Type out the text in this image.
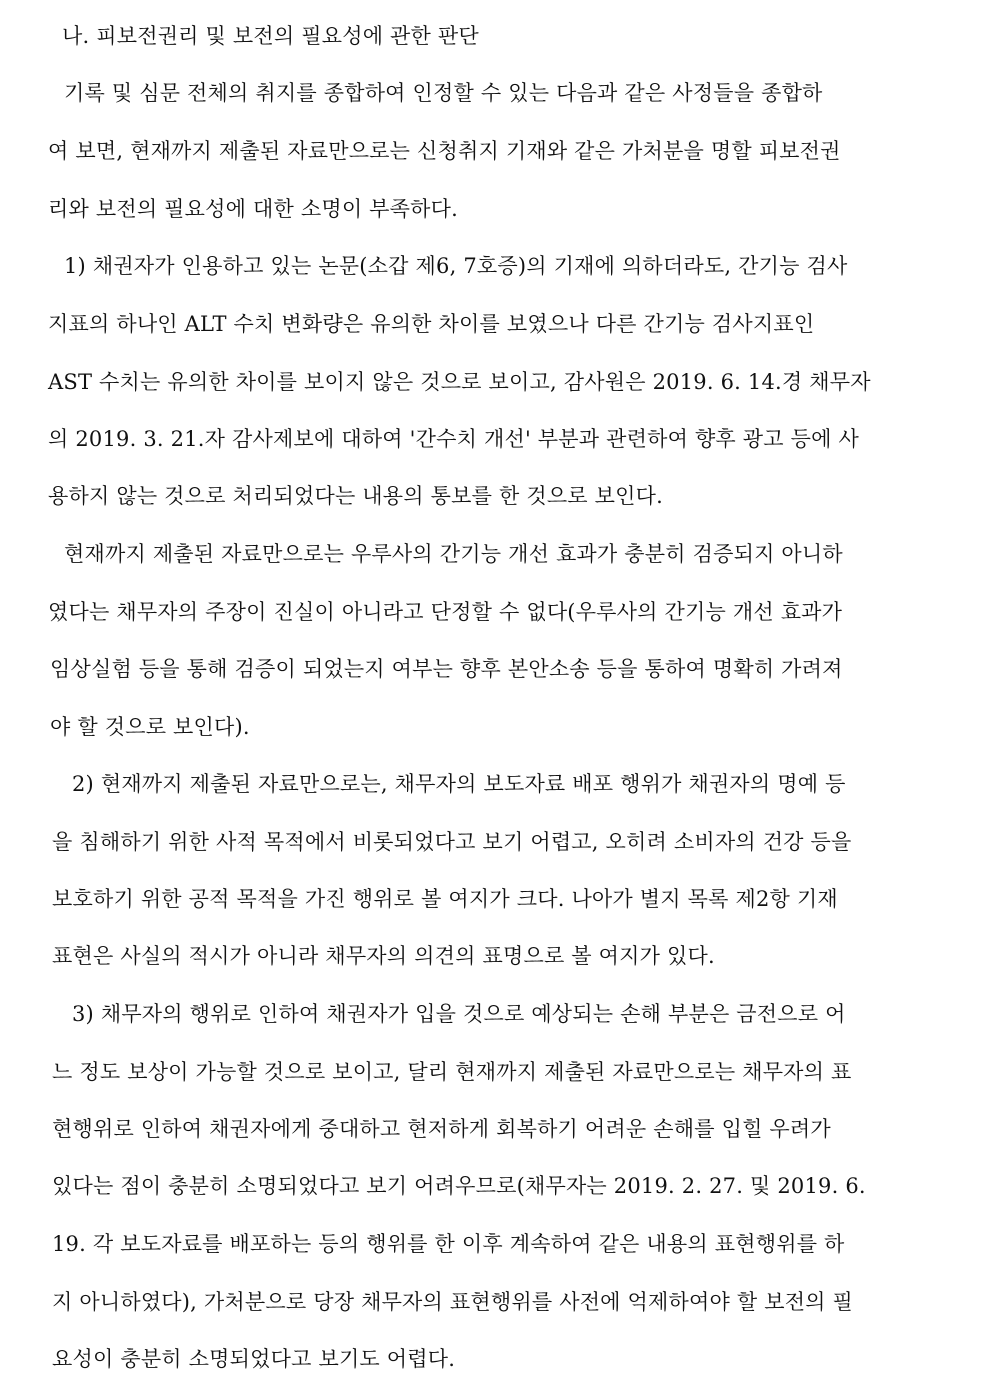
나. 피보전권리 및 보전의 필요성에 관한 판단
기록 및 심문 전체의 취지를 종합하여 인정할 수 있는 다음과 같은 사정들을 종합하
여 보면, 현재까지 제출된 자료만으로는 신청취지 기재와 같은 가처분을 명할 피보전권
리와 보전의 필요성에 대한 소명이 부족하다.
1) 채권자가 인용하고 있는 논문(소갑 제6, 7호증)의 기재에 의하더라도, 간기능 검사
지표의 하나인 ALT 수치 변화량은 유의한 차이를 보였으나 다른 간기능 검사지표인
AST 수치는 유의한 차이를 보이지 않은 것으로 보이고, 감사원은 2019. 6. 14.경 채무자
의 2019. 3. 21.자 감사제보에 대하여 '간수치 개선' 부분과 관련하여 향후 광고 등에 사
용하지 않는 것으로 처리되었다는 내용의 통보를 한 것으로 보인다.
현재까지 제출된 자료만으로는 우루사의 간기능 개선 효과가 충분히 검증되지 아니하
였다는 채무자의 주장이 진실이 아니라고 단정할 수 없다(우루사의 간기능 개선 효과가
임상실험 등을 통해 검증이 되었는지 여부는 향후 본안소송 등을 통하여 명확히 가려져
야 할 것으로 보인다).
2) 현재까지 제출된 자료만으로는, 채무자의 보도자료 배포 행위가 채권자의 명예 등
을 침해하기 위한 사적 목적에서 비롯되었다고 보기 어렵고, 오히려 소비자의 건강 등을
보호하기 위한 공적 목적을 가진 행위로 볼 여지가 크다. 나아가 별지 목록 제2항 기재
표현은 사실의 적시가 아니라 채무자의 의견의 표명으로 볼 여지가 있다.
3) 채무자의 행위로 인하여 채권자가 입을 것으로 예상되는 손해 부분은 금전으로 어
느 정도 보상이 가능할 것으로 보이고, 달리 현재까지 제출된 자료만으로는 채무자의 표
현행위로 인하여 채권자에게 중대하고 현저하게 회복하기 어려운 손해를 입힐 우려가
있다는 점이 충분히 소명되었다고 보기 어려우므로(채무자는 2019. 2. 27. 및 2019. 6.
19. 각 보도자료를 배포하는 등의 행위를 한 이후 계속하여 같은 내용의 표현행위를 하
지 아니하였다), 가처분으로 당장 채무자의 표현행위를 사전에 억제하여야 할 보전의 필
요성이 충분히 소명되었다고 보기도 어렵다.
